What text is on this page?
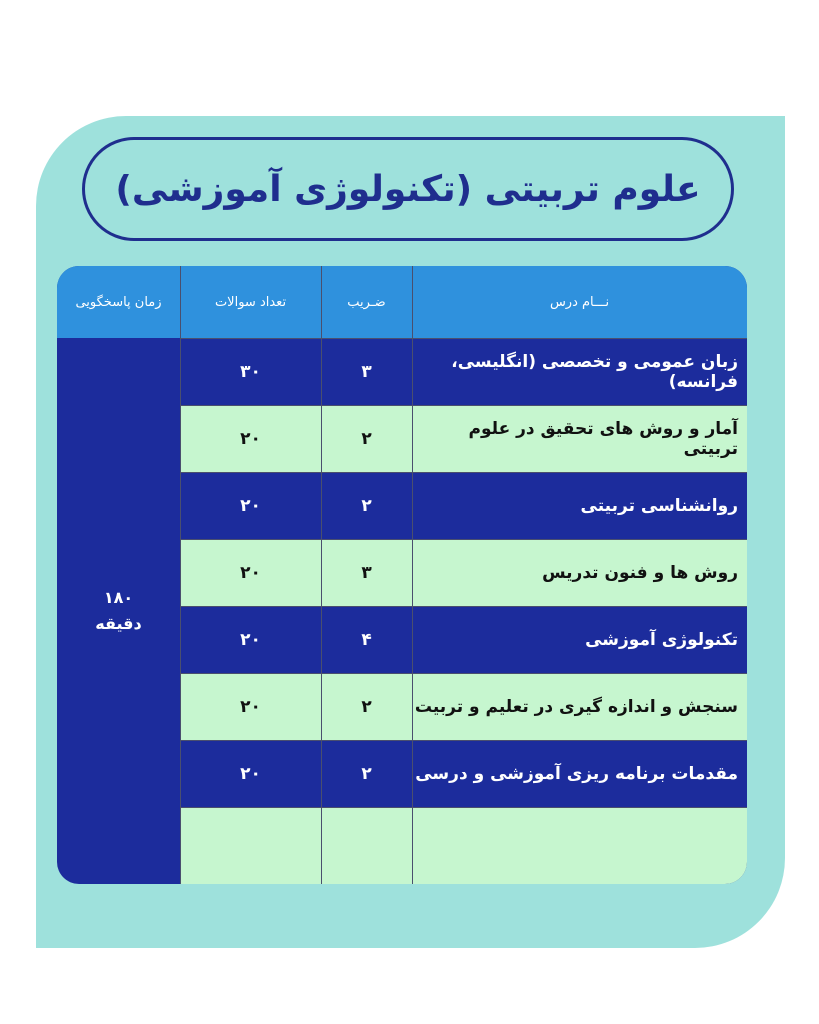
علوم تربیتی (تکنولوژی آموزشی)
نـــام درس
ضـریب
تعداد سوالات
زمان پاسخگویی
زبان عمومی و تخصصی (انگلیسی، فرانسه)
۳
۳۰
آمار و روش های تحقیق در علوم تربیتی
۲
۲۰
روانشناسی تربیتی
۲
۲۰
روش ها و فنون تدریس
۳
۲۰
تکنولوژی آموزشی
۴
۲۰
سنجش و اندازه گیری در تعلیم و تربیت
۲
۲۰
مقدمات برنامه ریزی آموزشی و درسی
۲
۲۰
۱۸۰
دقیقه
